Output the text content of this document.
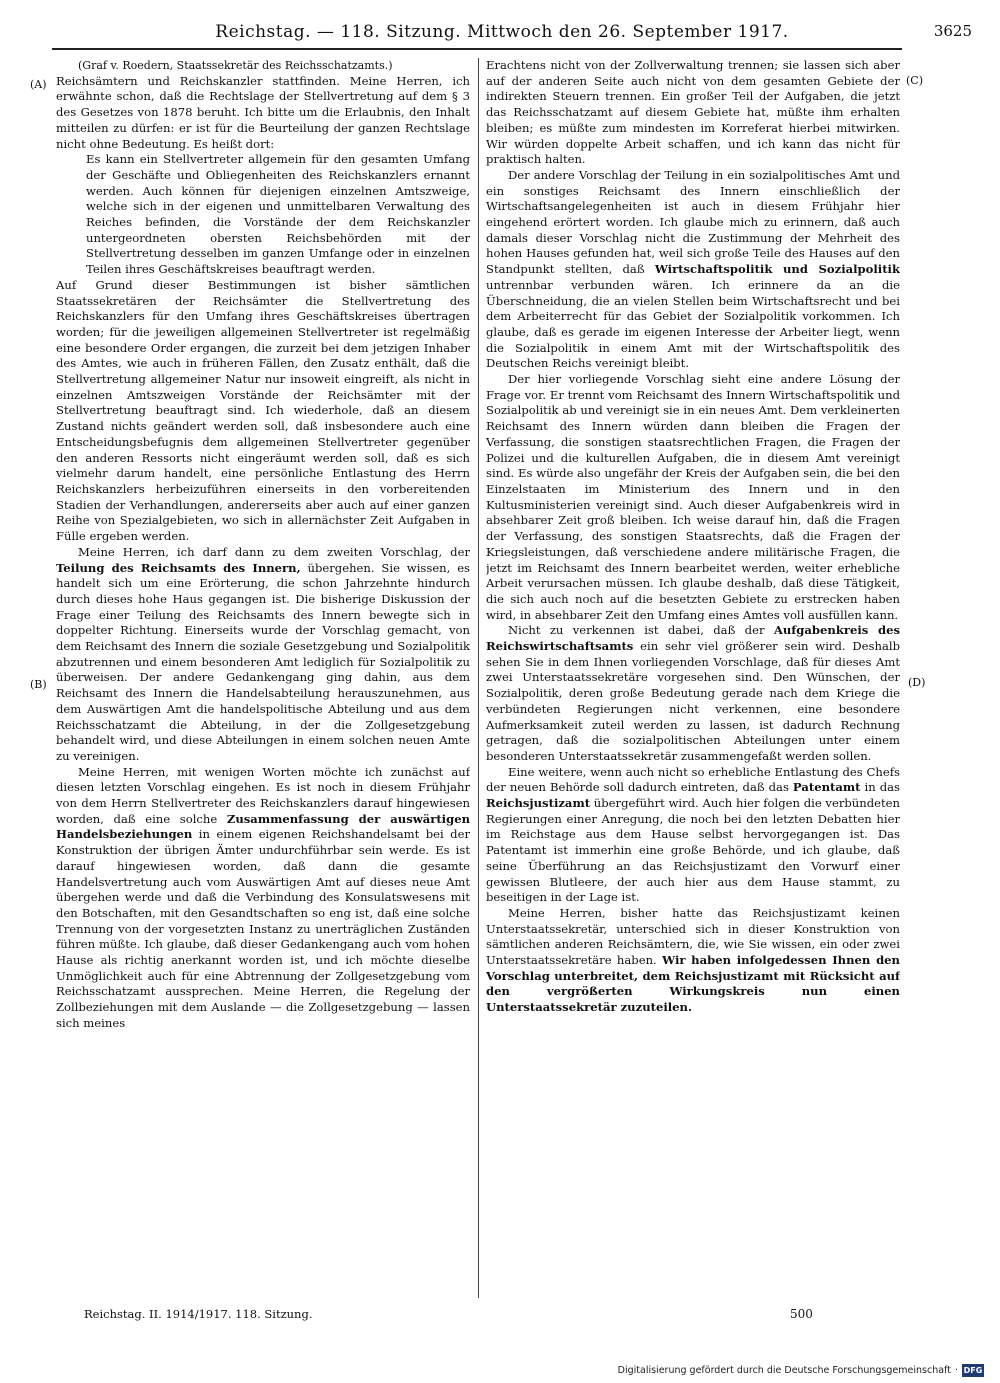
Reichstag. — 118. Sitzung. Mittwoch den 26. September 1917.	3625
(A)
(B)
(C)
(D)

(Graf v. Roedern, Staatssekretär des Reichsschatzamts.)

Reichsämtern und Reichskanzler stattfinden. Meine Herren, ich erwähnte schon, daß die Rechtslage der Stellvertretung auf dem § 3 des Gesetzes von 1878 beruht. Ich bitte um die Erlaubnis, den Inhalt mitteilen zu dürfen: er ist für die Beurteilung der ganzen Rechtslage nicht ohne Bedeutung. Es heißt dort:

Es kann ein Stellvertreter allgemein für den gesamten Umfang der Geschäfte und Obliegenheiten des Reichskanzlers ernannt werden. Auch können für diejenigen einzelnen Amtszweige, welche sich in der eigenen und unmittelbaren Verwaltung des Reiches befinden, die Vorstände der dem Reichskanzler untergeordneten obersten Reichsbehörden mit der Stellvertretung desselben im ganzen Umfange oder in einzelnen Teilen ihres Geschäftskreises beauftragt werden.

Auf Grund dieser Bestimmungen ist bisher sämtlichen Staatssekretären der Reichsämter die Stellvertretung des Reichskanzlers für den Umfang ihres Geschäftskreises übertragen worden; für die jeweiligen allgemeinen Stellvertreter ist regelmäßig eine besondere Order ergangen, die zurzeit bei dem jetzigen Inhaber des Amtes, wie auch in früheren Fällen, den Zusatz enthält, daß die Stellvertretung allgemeiner Natur nur insoweit eingreift, als nicht in einzelnen Amtszweigen Vorstände der Reichsämter mit der Stellvertretung beauftragt sind. Ich wiederhole, daß an diesem Zustand nichts geändert werden soll, daß insbesondere auch eine Entscheidungsbefugnis dem allgemeinen Stellvertreter gegenüber den anderen Ressorts nicht eingeräumt werden soll, daß es sich vielmehr darum handelt, eine persönliche Entlastung des Herrn Reichskanzlers herbeizuführen einerseits in den vorbereitenden Stadien der Verhandlungen, andererseits aber auch auf einer ganzen Reihe von Spezialgebieten, wo sich in allernächster Zeit Aufgaben in Fülle ergeben werden.

Meine Herren, ich darf dann zu dem zweiten Vorschlag, der Teilung des Reichsamts des Innern, übergehen. Sie wissen, es handelt sich um eine Erörterung, die schon Jahrzehnte hindurch durch dieses hohe Haus gegangen ist. Die bisherige Diskussion der Frage einer Teilung des Reichsamts des Innern bewegte sich in doppelter Richtung. Einerseits wurde der Vorschlag gemacht, von dem Reichsamt des Innern die soziale Gesetzgebung und Sozialpolitik abzutrennen und einem besonderen Amt lediglich für Sozialpolitik zu überweisen. Der andere Gedankengang ging dahin, aus dem Reichsamt des Innern die Handelsabteilung herauszunehmen, aus dem Auswärtigen Amt die handelspolitische Abteilung und aus dem Reichsschatzamt die Abteilung, in der die Zollgesetzgebung behandelt wird, und diese Abteilungen in einem solchen neuen Amte zu vereinigen.

Meine Herren, mit wenigen Worten möchte ich zunächst auf diesen letzten Vorschlag eingehen. Es ist noch in diesem Frühjahr von dem Herrn Stellvertreter des Reichskanzlers darauf hingewiesen worden, daß eine solche Zusammenfassung der auswärtigen Handelsbeziehungen in einem eigenen Reichshandelsamt bei der Konstruktion der übrigen Ämter undurchführbar sein werde. Es ist darauf hingewiesen worden, daß dann die gesamte Handelsvertretung auch vom Auswärtigen Amt auf dieses neue Amt übergehen werde und daß die Verbindung des Konsulatswesens mit den Botschaften, mit den Gesandtschaften so eng ist, daß eine solche Trennung von der vorgesetzten Instanz zu unerträglichen Zuständen führen müßte. Ich glaube, daß dieser Gedankengang auch vom hohen Hause als richtig anerkannt worden ist, und ich möchte dieselbe Unmöglichkeit auch für eine Abtrennung der Zollgesetzgebung vom Reichsschatzamt aussprechen. Meine Herren, die Regelung der Zollbeziehungen mit dem Auslande — die Zollgesetzgebung — lassen sich meines

Erachtens nicht von der Zollverwaltung trennen; sie lassen sich aber auf der anderen Seite auch nicht von dem gesamten Gebiete der indirekten Steuern trennen. Ein großer Teil der Aufgaben, die jetzt das Reichsschatzamt auf diesem Gebiete hat, müßte ihm erhalten bleiben; es müßte zum mindesten im Korreferat hierbei mitwirken. Wir würden doppelte Arbeit schaffen, und ich kann das nicht für praktisch halten.

Der andere Vorschlag der Teilung in ein sozialpolitisches Amt und ein sonstiges Reichsamt des Innern einschließlich der Wirtschaftsangelegenheiten ist auch in diesem Frühjahr hier eingehend erörtert worden. Ich glaube mich zu erinnern, daß auch damals dieser Vorschlag nicht die Zustimmung der Mehrheit des hohen Hauses gefunden hat, weil sich große Teile des Hauses auf den Standpunkt stellten, daß Wirtschaftspolitik und Sozialpolitik untrennbar verbunden wären. Ich erinnere da an die Überschneidung, die an vielen Stellen beim Wirtschaftsrecht und bei dem Arbeiterrecht für das Gebiet der Sozialpolitik vorkommen. Ich glaube, daß es gerade im eigenen Interesse der Arbeiter liegt, wenn die Sozialpolitik in einem Amt mit der Wirtschaftspolitik des Deutschen Reichs vereinigt bleibt.

Der hier vorliegende Vorschlag sieht eine andere Lösung der Frage vor. Er trennt vom Reichsamt des Innern Wirtschaftspolitik und Sozialpolitik ab und vereinigt sie in ein neues Amt. Dem verkleinerten Reichsamt des Innern würden dann bleiben die Fragen der Verfassung, die sonstigen staatsrechtlichen Fragen, die Fragen der Polizei und die kulturellen Aufgaben, die in diesem Amt vereinigt sind. Es würde also ungefähr der Kreis der Aufgaben sein, die bei den Einzelstaaten im Ministerium des Innern und in den Kultusministerien vereinigt sind. Auch dieser Aufgabenkreis wird in absehbarer Zeit groß bleiben. Ich weise darauf hin, daß die Fragen der Verfassung, des sonstigen Staatsrechts, daß die Fragen der Kriegsleistungen, daß verschiedene andere militärische Fragen, die jetzt im Reichsamt des Innern bearbeitet werden, weiter erhebliche Arbeit verursachen müssen. Ich glaube deshalb, daß diese Tätigkeit, die sich auch noch auf die besetzten Gebiete zu erstrecken haben wird, in absehbarer Zeit den Umfang eines Amtes voll ausfüllen kann.

Nicht zu verkennen ist dabei, daß der Aufgabenkreis des Reichswirtschaftsamts ein sehr viel größerer sein wird. Deshalb sehen Sie in dem Ihnen vorliegenden Vorschlage, daß für dieses Amt zwei Unterstaatssekretäre vorgesehen sind. Den Wünschen, der Sozialpolitik, deren große Bedeutung gerade nach dem Kriege die verbündeten Regierungen nicht verkennen, eine besondere Aufmerksamkeit zuteil werden zu lassen, ist dadurch Rechnung getragen, daß die sozialpolitischen Abteilungen unter einem besonderen Unterstaatssekretär zusammengefaßt werden sollen.

Eine weitere, wenn auch nicht so erhebliche Entlastung des Chefs der neuen Behörde soll dadurch eintreten, daß das Patentamt in das Reichsjustizamt übergeführt wird. Auch hier folgen die verbündeten Regierungen einer Anregung, die noch bei den letzten Debatten hier im Reichstage aus dem Hause selbst hervorgegangen ist. Das Patentamt ist immerhin eine große Behörde, und ich glaube, daß seine Überführung an das Reichsjustizamt den Vorwurf einer gewissen Blutleere, der auch hier aus dem Hause stammt, zu beseitigen in der Lage ist.

Meine Herren, bisher hatte das Reichsjustizamt keinen Unterstaatssekretär, unterschied sich in dieser Konstruktion von sämtlichen anderen Reichsämtern, die, wie Sie wissen, ein oder zwei Unterstaatssekretäre haben. Wir haben infolgedessen Ihnen den Vorschlag unterbreitet, dem Reichsjustizamt mit Rücksicht auf den vergrößerten Wirkungskreis nun einen Unterstaatssekretär zuzuteilen.

Reichstag. II. 1914/1917. 118. Sitzung.	500
Digitalisierung gefördert durch die Deutsche Forschungsgemeinschaft · DFG
